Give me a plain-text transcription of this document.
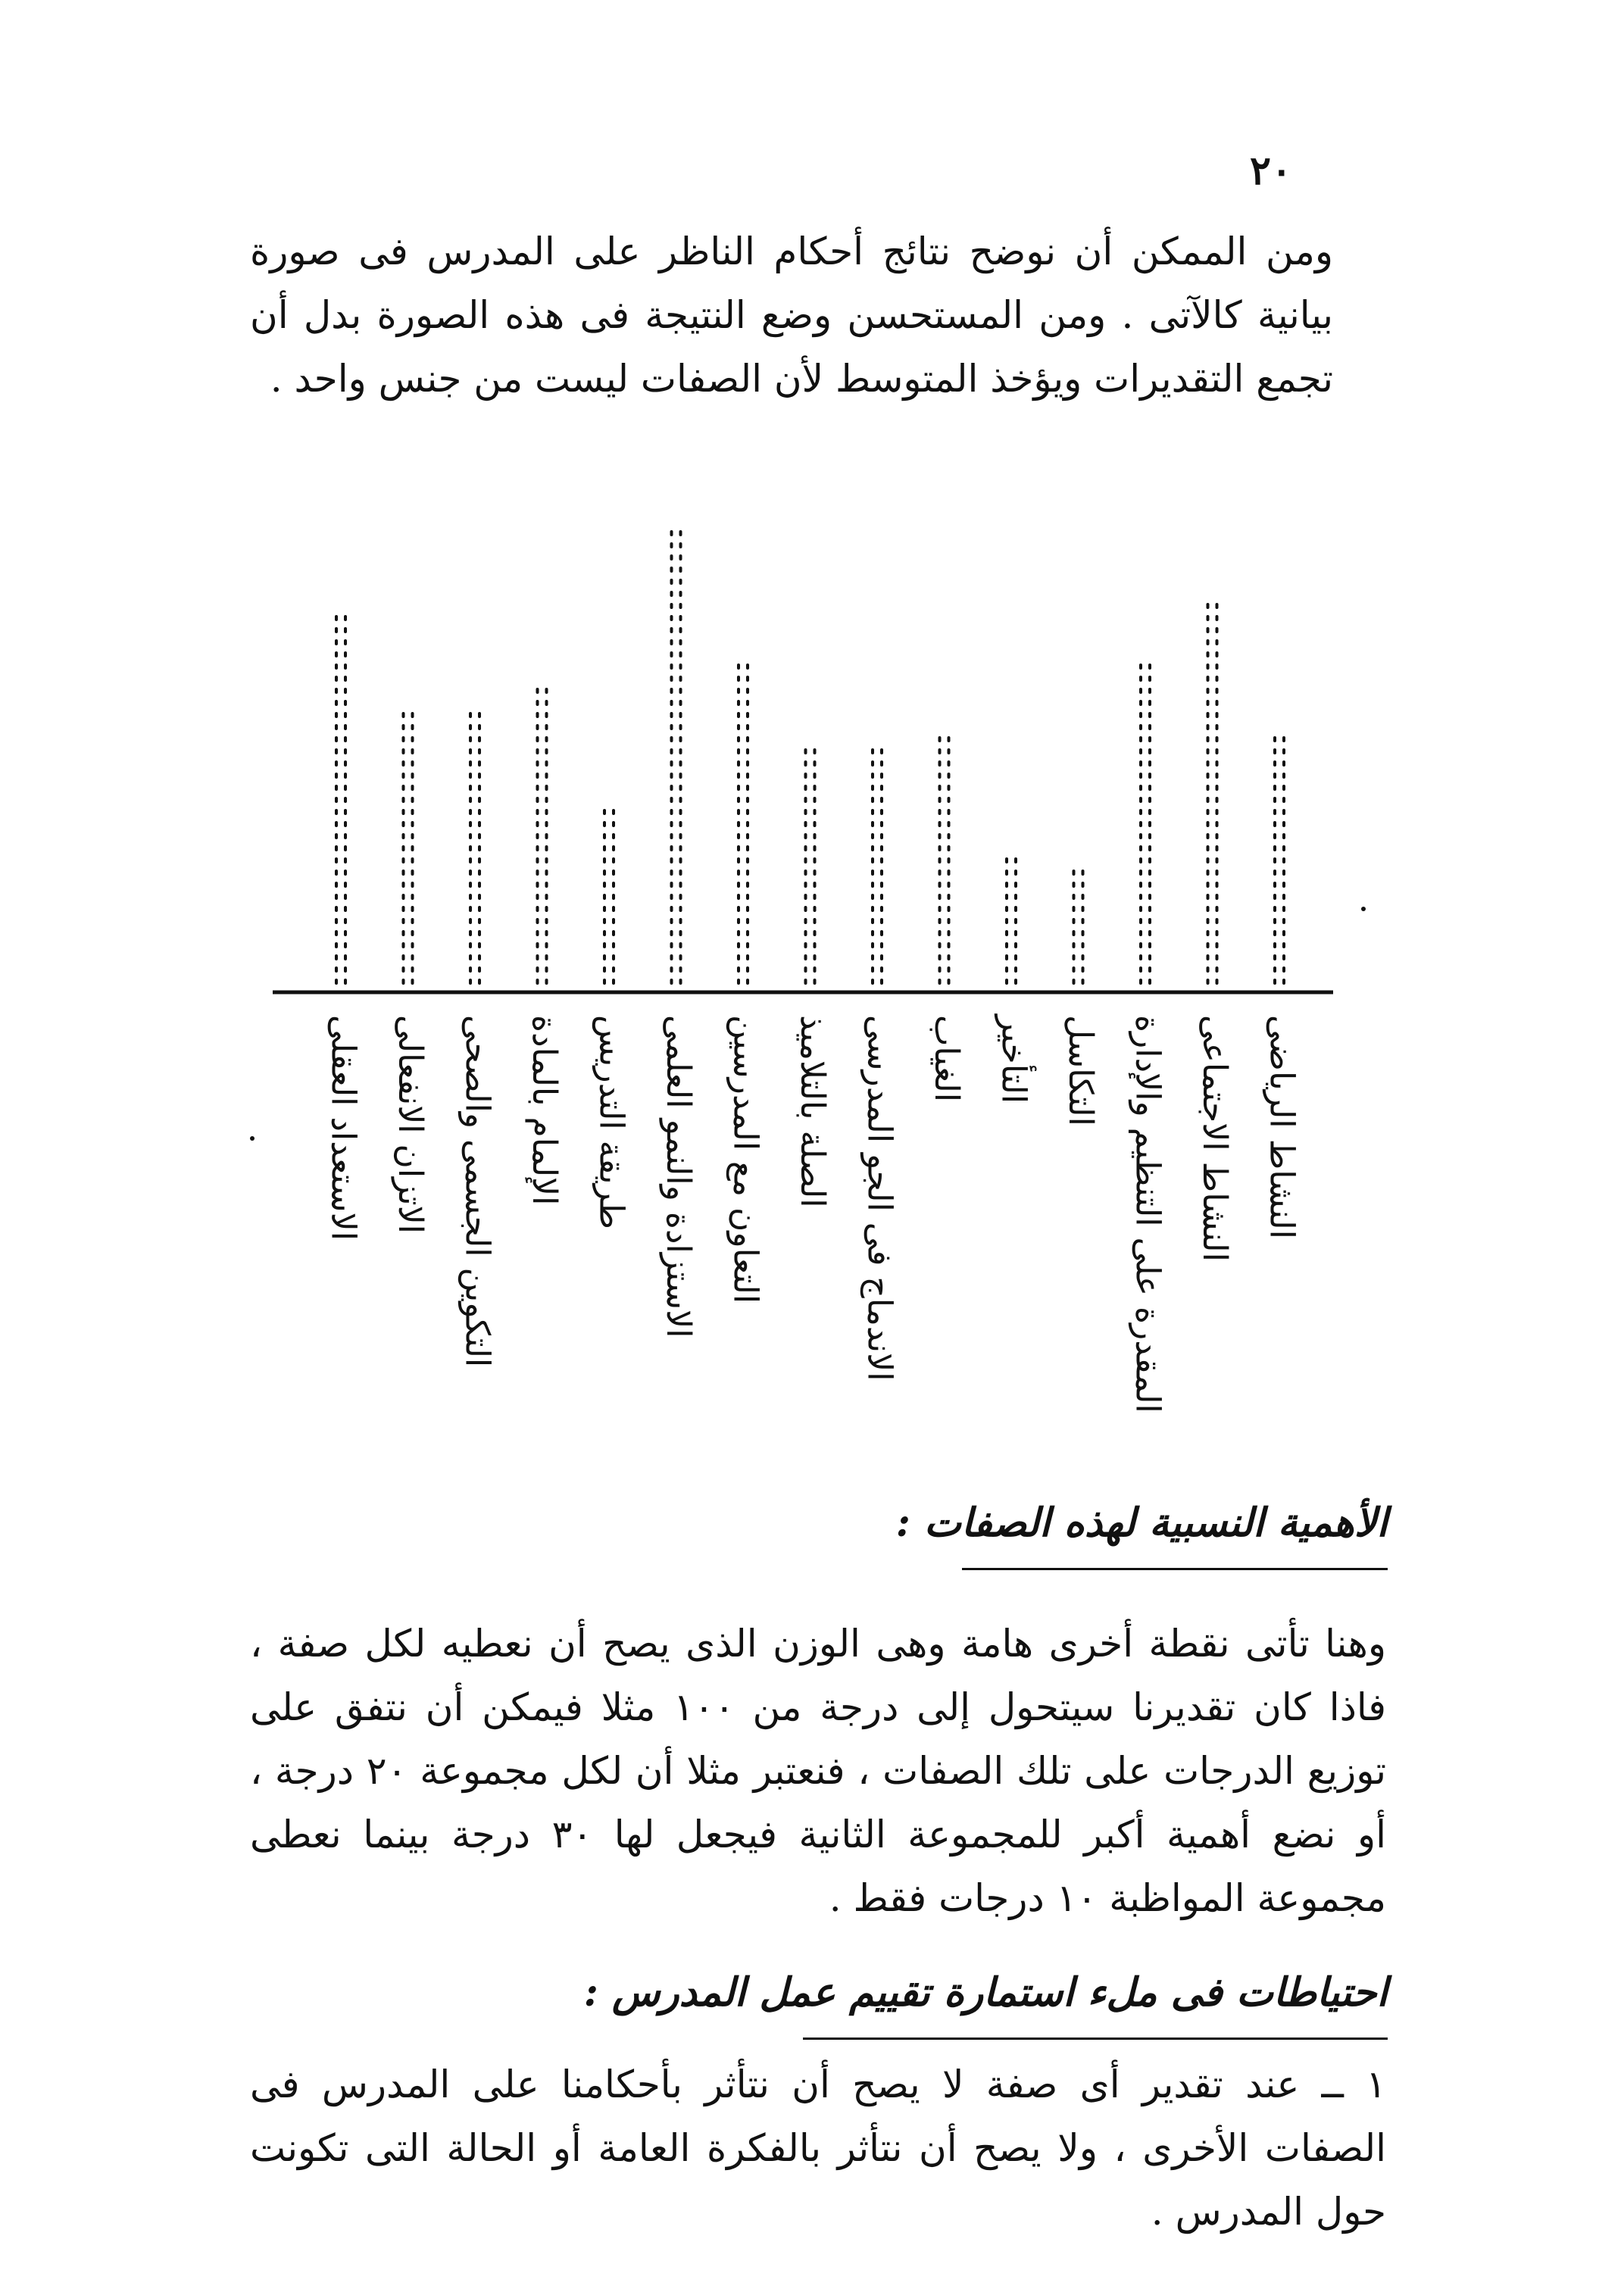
٢٠
ومن الممكن أن نوضح نتائج أحكام الناظر على المدرس فى صورة بيانية كالآتى . ومن المستحسن وضع النتيجة فى هذه الصورة بدل أن تجمع التقديرات ويؤخذ المتوسط لأن الصفات ليست من جنس واحد .
الاستعداد العقلى الاتزان الانفعالى التكوين الجسمى والصحى الإلمام بالمادة طريقة التدريس الاستزادة والنمو العلمى التعاون مع المدرسين الصلة بالتلاميذ الاندماج فى الجو المدرسى الغياب التأخير التكاسل المقدرة على التنظيم والإدارة النشاط الاجتماعى النشاط الرياضى
الأهمية النسبية لهذه الصفات :
وهنا تأتى نقطة أخرى هامة وهى الوزن الذى يصح أن نعطيه لكل صفة ، فاذا كان تقديرنا سيتحول إلى درجة من ١٠٠ مثلا فيمكن أن نتفق على توزيع الدرجات على تلك الصفات ، فنعتبر مثلا أن لكل مجموعة ٢٠ درجة ، أو نضع أهمية أكبر للمجموعة الثانية فيجعل لها ٣٠ درجة بينما نعطى مجموعة المواظبة ١٠ درجات فقط .
احتياطات فى ملء استمارة تقييم عمل المدرس :
١ ــ عند تقدير أى صفة لا يصح أن نتأثر بأحكامنا على المدرس فى الصفات الأخرى ، ولا يصح أن نتأثر بالفكرة العامة أو الحالة التى تكونت حول المدرس .
